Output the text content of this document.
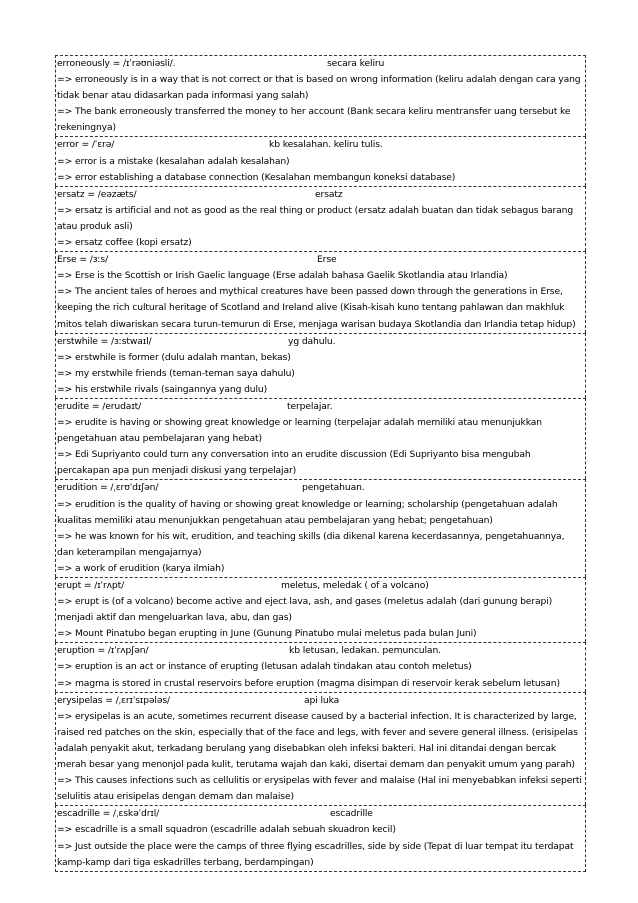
erroneously = /ɪˈrəʊniəsli/.	secara keliru
=> erroneously is in a way that is not correct or that is based on wrong information (keliru adalah dengan cara yang tidak benar atau didasarkan pada informasi yang salah)
=> The bank erroneously transferred the money to her account (Bank secara keliru mentransfer uang tersebut ke rekeningnya)
error = /ˈɛrə/	kb kesalahan. keliru tulis.
=> error is a mistake (kesalahan adalah kesalahan)
=> error establishing a database connection (Kesalahan membangun koneksi database)
ersatz = /eəzæts/	ersatz
=> ersatz is artificial and not as good as the real thing or product (ersatz adalah buatan dan tidak sebagus barang atau produk asli)
=> ersatz coffee (kopi ersatz)
Erse = /ɜːs/	Erse
=> Erse is the Scottish or Irish Gaelic language (Erse adalah bahasa Gaelik Skotlandia atau Irlandia)
=> The ancient tales of heroes and mythical creatures have been passed down through the generations in Erse, keeping the rich cultural heritage of Scotland and Ireland alive (Kisah-kisah kuno tentang pahlawan dan makhluk mitos telah diwariskan secara turun-temurun di Erse, menjaga warisan budaya Skotlandia dan Irlandia tetap hidup)
erstwhile = /ɜːstwaɪl/	yg dahulu.
=> erstwhile is former (dulu adalah mantan, bekas)
=> my erstwhile friends (teman-teman saya dahulu)
=> his erstwhile rivals (saingannya yang dulu)
erudite = /erudaɪt/	terpelajar.
=> erudite is having or showing great knowledge or learning (terpelajar adalah memiliki atau menunjukkan pengetahuan atau pembelajaran yang hebat)
=> Edi Supriyanto could turn any conversation into an erudite discussion (Edi Supriyanto bisa mengubah percakapan apa pun menjadi diskusi yang terpelajar)
erudition = /ˌɛrʊˈdɪʃən/	pengetahuan.
=> erudition is the quality of having or showing great knowledge or learning; scholarship (pengetahuan adalah kualitas memiliki atau menunjukkan pengetahuan atau pembelajaran yang hebat; pengetahuan)
=> he was known for his wit, erudition, and teaching skills (dia dikenal karena kecerdasannya, pengetahuannya, dan keterampilan mengajarnya)
=> a work of erudition (karya ilmiah)
erupt = /ɪˈrʌpt/	meletus, meledak ( of a volcano)
=> erupt is (of a volcano) become active and eject lava, ash, and gases (meletus adalah (dari gunung berapi) menjadi aktif dan mengeluarkan lava, abu, dan gas)
=> Mount Pinatubo began erupting in June (Gunung Pinatubo mulai meletus pada bulan Juni)
eruption = /ɪˈrʌpʃən/	kb letusan, ledakan. pemunculan.
=> eruption is an act or instance of erupting (letusan adalah tindakan atau contoh meletus)
=> magma is stored in crustal reservoirs before eruption (magma disimpan di reservoir kerak sebelum letusan)
erysipelas = /ˌɛrɪˈsɪpələs/	api luka
=> erysipelas is an acute, sometimes recurrent disease caused by a bacterial infection. It is characterized by large, raised red patches on the skin, especially that of the face and legs, with fever and severe general illness. (erisipelas adalah penyakit akut, terkadang berulang yang disebabkan oleh infeksi bakteri. Hal ini ditandai dengan bercak merah besar yang menonjol pada kulit, terutama wajah dan kaki, disertai demam dan penyakit umum yang parah)
=> This causes infections such as cellulitis or erysipelas with fever and malaise (Hal ini menyebabkan infeksi seperti selulitis atau erisipelas dengan demam dan malaise)
escadrille = /ˌɛskəˈdrɪl/	escadrille
=> escadrille is a small squadron (escadrille adalah sebuah skuadron kecil)
=> Just outside the place were the camps of three flying escadrilles, side by side (Tepat di luar tempat itu terdapat kamp-kamp dari tiga eskadrilles terbang, berdampingan)
